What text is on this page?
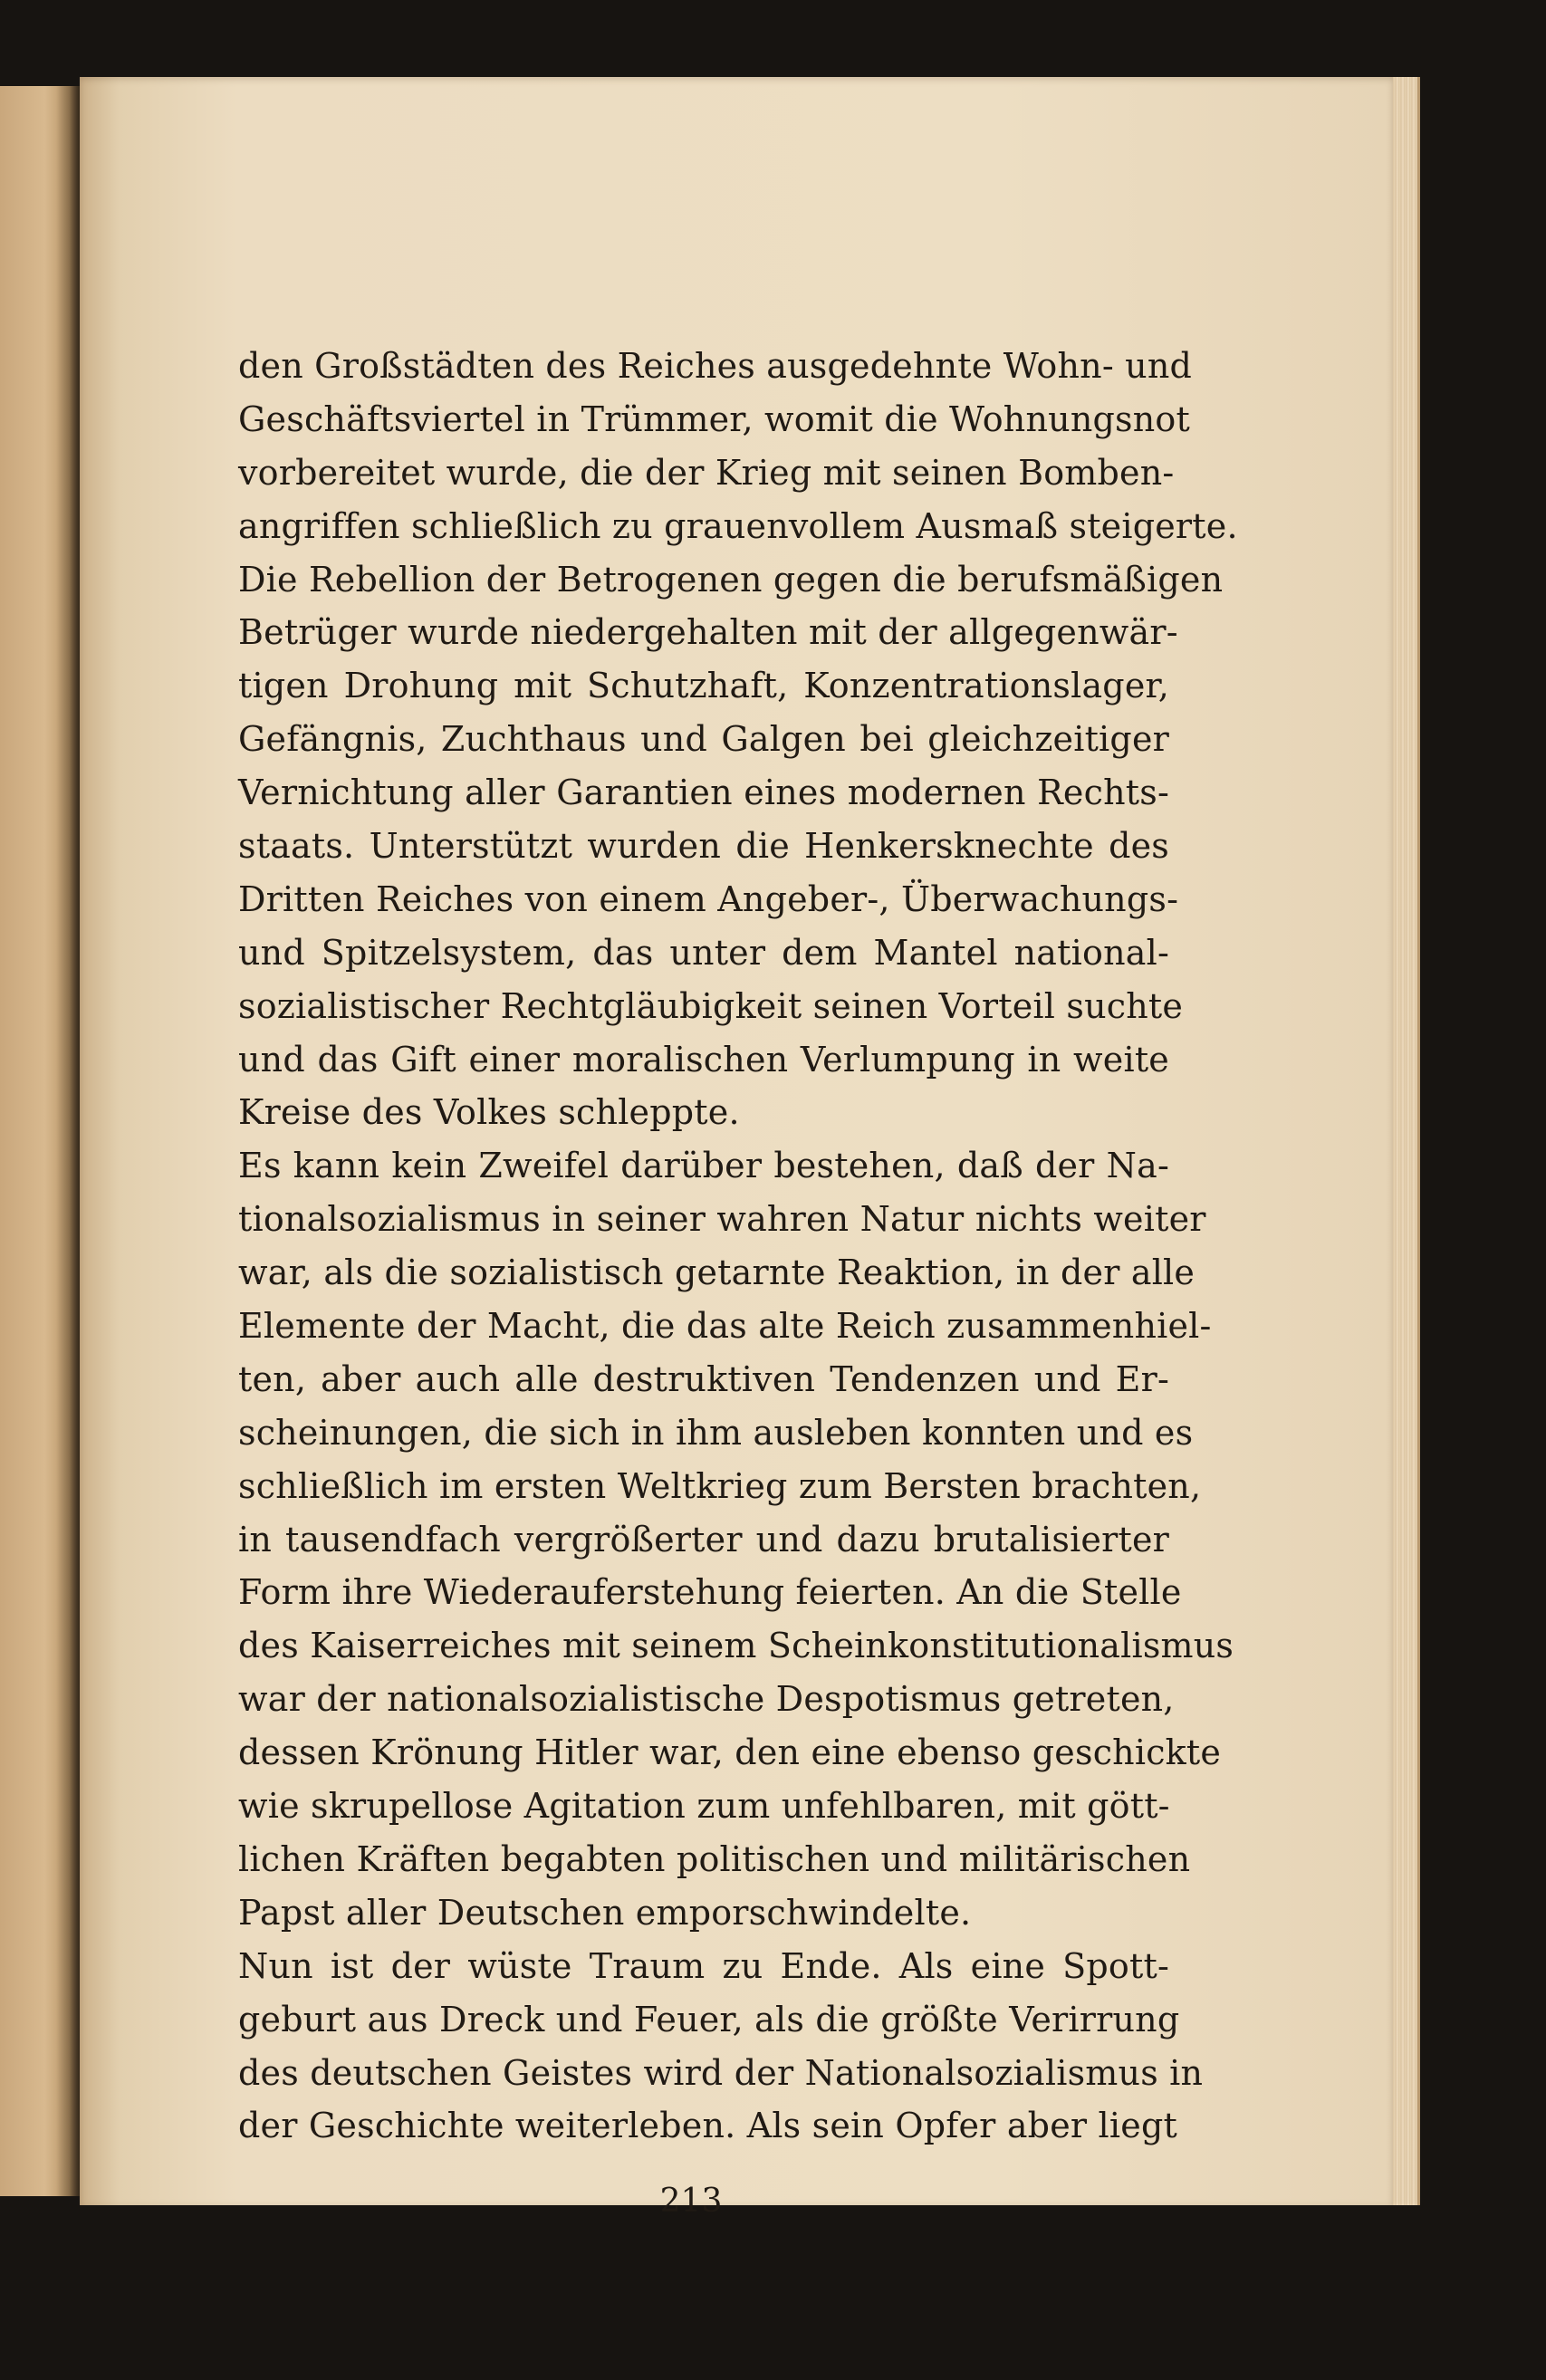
den Großstädten des Reiches ausgedehnte Wohn- und
Geschäftsviertel in Trümmer, womit die Wohnungsnot
vorbereitet wurde, die der Krieg mit seinen Bomben-
angriffen schließlich zu grauenvollem Ausmaß steigerte.
Die Rebellion der Betrogenen gegen die berufsmäßigen
Betrüger wurde niedergehalten mit der allgegenwär-
tigen Drohung mit Schutzhaft, Konzentrationslager,
Gefängnis, Zuchthaus und Galgen bei gleichzeitiger
Vernichtung aller Garantien eines modernen Rechts-
staats. Unterstützt wurden die Henkersknechte des
Dritten Reiches von einem Angeber-, Überwachungs-
und Spitzelsystem, das unter dem Mantel national-
sozialistischer Rechtgläubigkeit seinen Vorteil suchte
und das Gift einer moralischen Verlumpung in weite
Kreise des Volkes schleppte.
Es kann kein Zweifel darüber bestehen, daß der Na-
tionalsozialismus in seiner wahren Natur nichts weiter
war, als die sozialistisch getarnte Reaktion, in der alle
Elemente der Macht, die das alte Reich zusammenhiel-
ten, aber auch alle destruktiven Tendenzen und Er-
scheinungen, die sich in ihm ausleben konnten und es
schließlich im ersten Weltkrieg zum Bersten brachten,
in tausendfach vergrößerter und dazu brutalisierter
Form ihre Wiederauferstehung feierten. An die Stelle
des Kaiserreiches mit seinem Scheinkonstitutionalismus
war der nationalsozialistische Despotismus getreten,
dessen Krönung Hitler war, den eine ebenso geschickte
wie skrupellose Agitation zum unfehlbaren, mit gött-
lichen Kräften begabten politischen und militärischen
Papst aller Deutschen emporschwindelte.
Nun ist der wüste Traum zu Ende. Als eine Spott-
geburt aus Dreck und Feuer, als die größte Verirrung
des deutschen Geistes wird der Nationalsozialismus in
der Geschichte weiterleben. Als sein Opfer aber liegt
213
